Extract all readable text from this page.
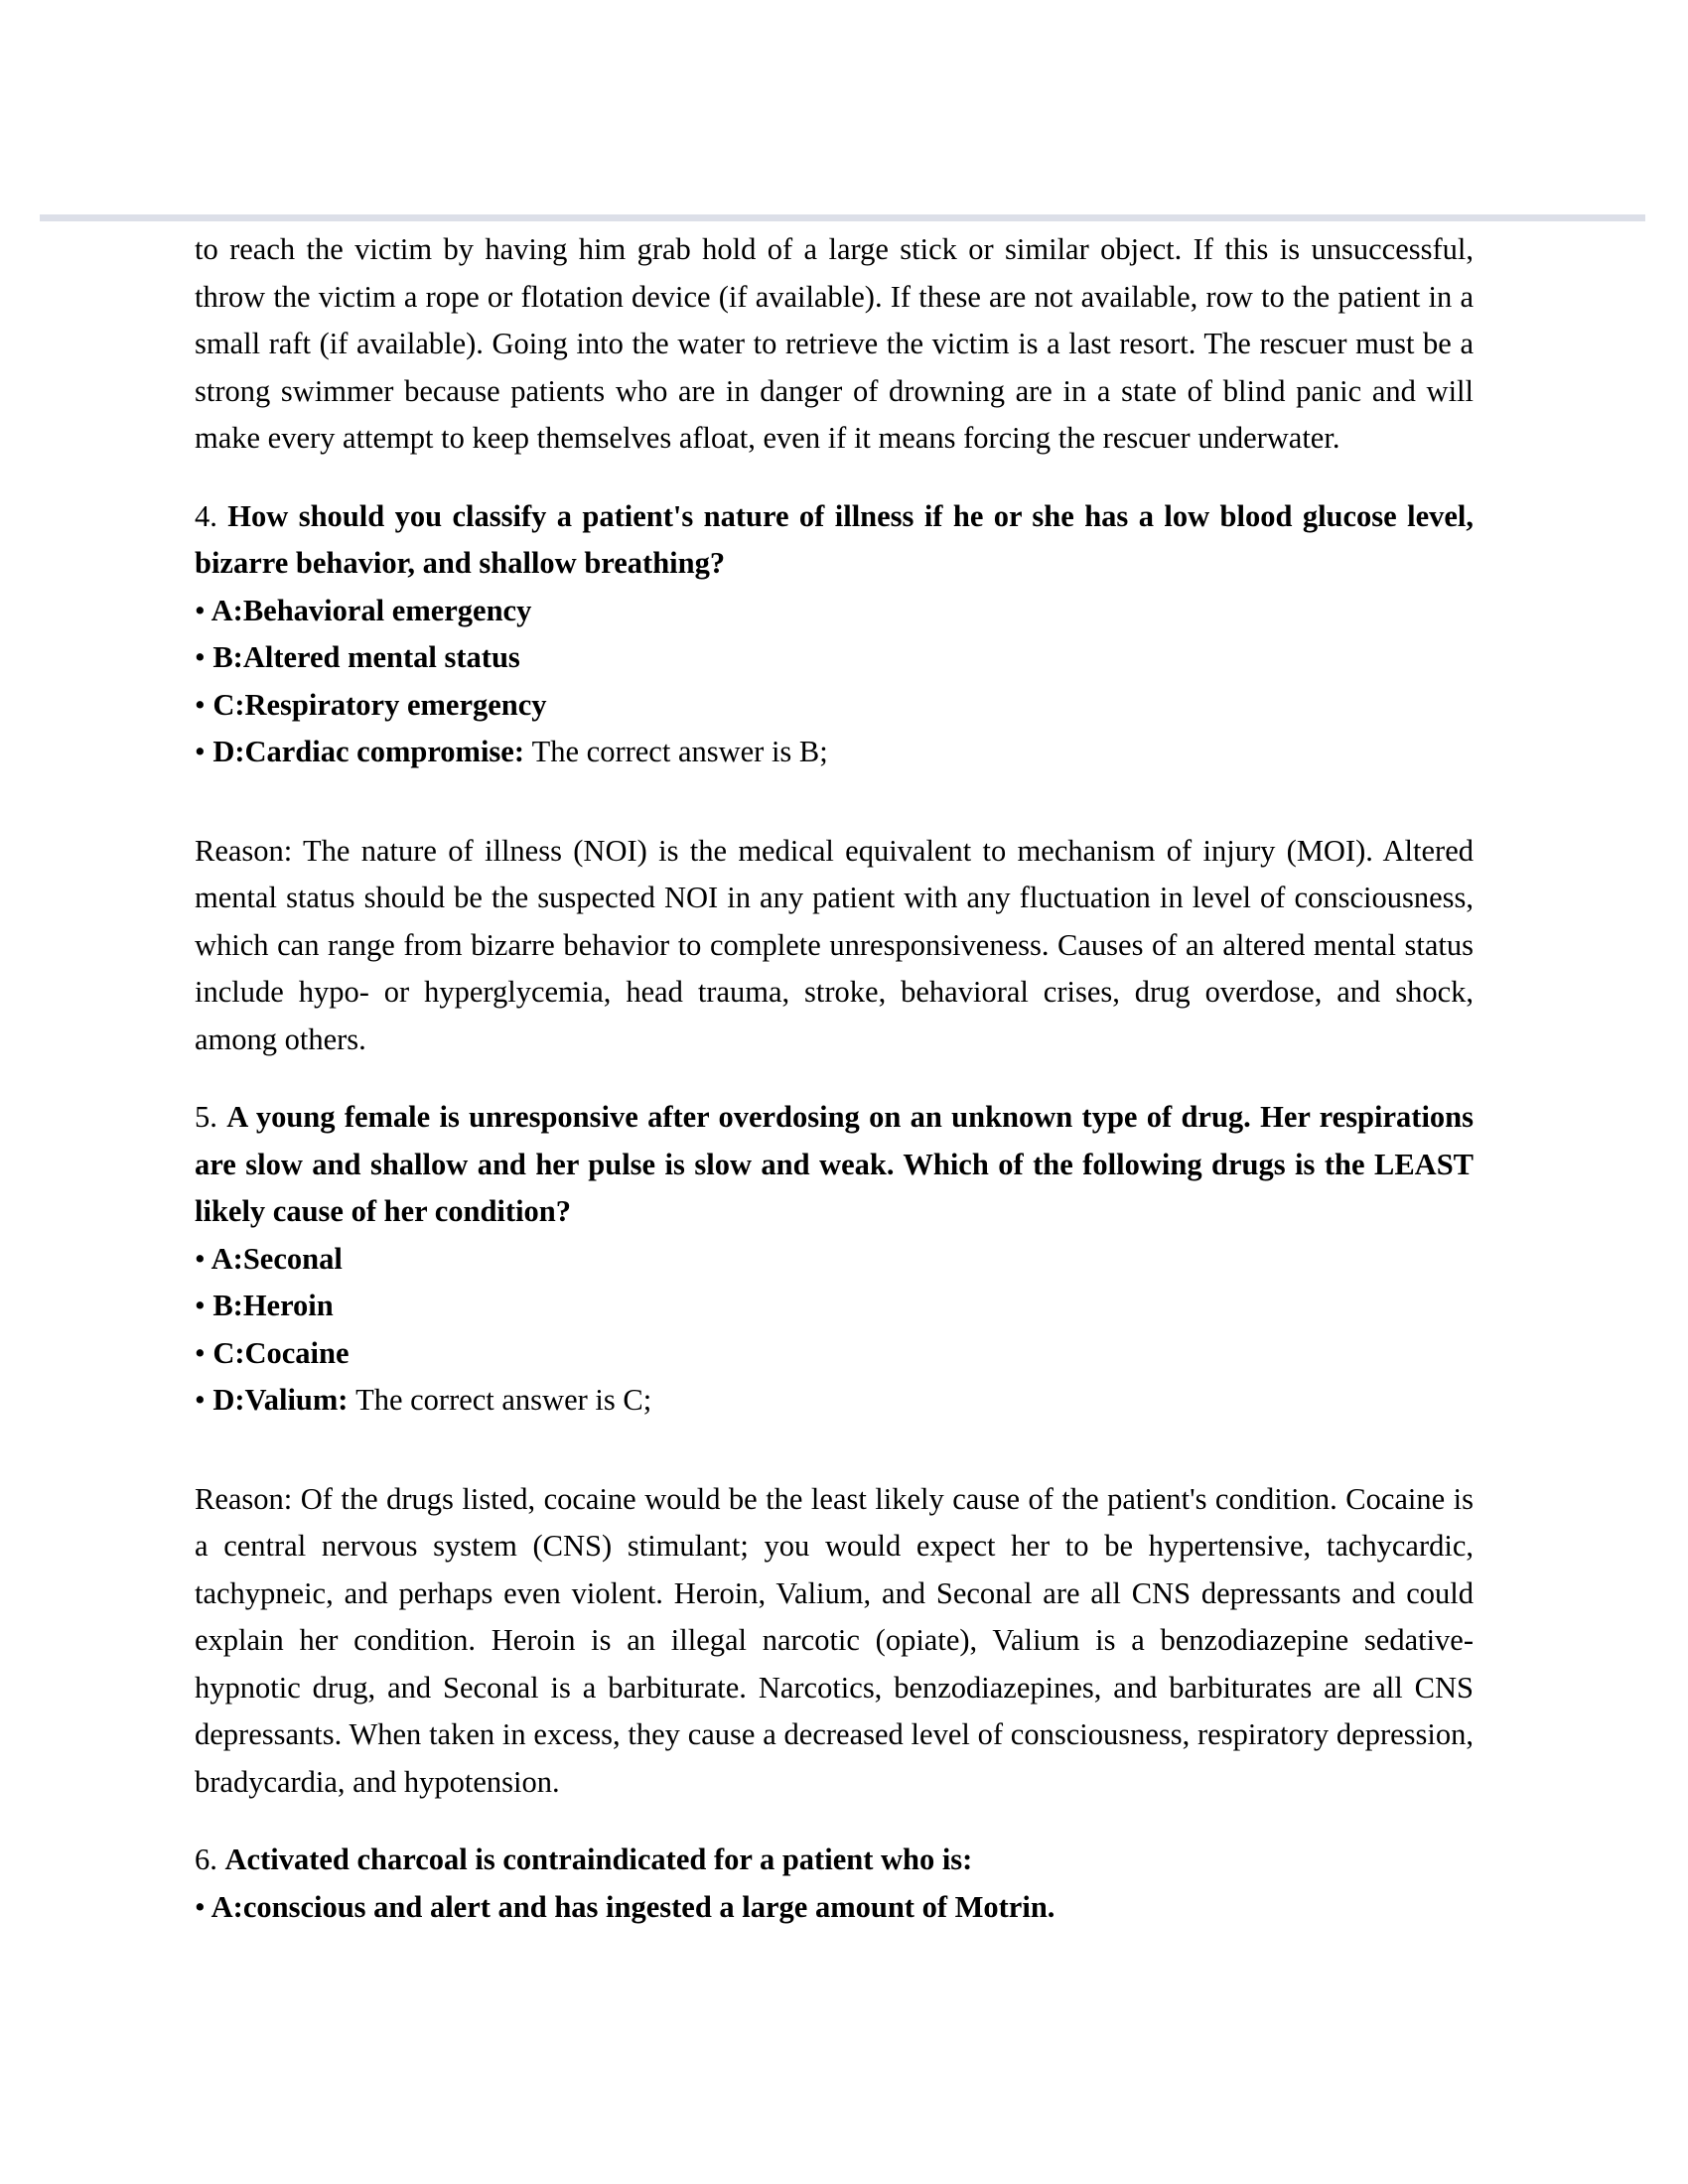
to reach the victim by having him grab hold of a large stick or similar object. If this is unsuccessful, throw the victim a rope or flotation device (if available). If these are not available, row to the patient in a small raft (if available). Going into the water to retrieve the victim is a last resort. The rescuer must be a strong swimmer because patients who are in danger of drowning are in a state of blind panic and will make every attempt to keep themselves afloat, even if it means forcing the rescuer underwater.

4. How should you classify a patient's nature of illness if he or she has a low blood glucose level, bizarre behavior, and shallow breathing?

• A:Behavioral emergency

• B:Altered mental status

• C:Respiratory emergency

• D:Cardiac compromise: The correct answer is B;

Reason: The nature of illness (NOI) is the medical equivalent to mechanism of injury (MOI). Altered mental status should be the suspected NOI in any patient with any fluctuation in level of consciousness, which can range from bizarre behavior to complete unresponsiveness. Causes of an altered mental status include hypo- or hyperglycemia, head trauma, stroke, behavioral crises, drug overdose, and shock, among others.

5. A young female is unresponsive after overdosing on an unknown type of drug. Her respirations are slow and shallow and her pulse is slow and weak. Which of the following drugs is the LEAST likely cause of her condition?

• A:Seconal

• B:Heroin

• C:Cocaine

• D:Valium: The correct answer is C;

Reason: Of the drugs listed, cocaine would be the least likely cause of the patient's condition. Cocaine is a central nervous system (CNS) stimulant; you would expect her to be hypertensive, tachycardic, tachypneic, and perhaps even violent. Heroin, Valium, and Seconal are all CNS depressants and could explain her condition. Heroin is an illegal narcotic (opiate), Valium is a benzodiazepine sedative-hypnotic drug, and Seconal is a barbiturate. Narcotics, benzodiazepines, and barbiturates are all CNS depressants. When taken in excess, they cause a decreased level of consciousness, respiratory depression, bradycardia, and hypotension.

6. Activated charcoal is contraindicated for a patient who is:

• A:conscious and alert and has ingested a large amount of Motrin.
